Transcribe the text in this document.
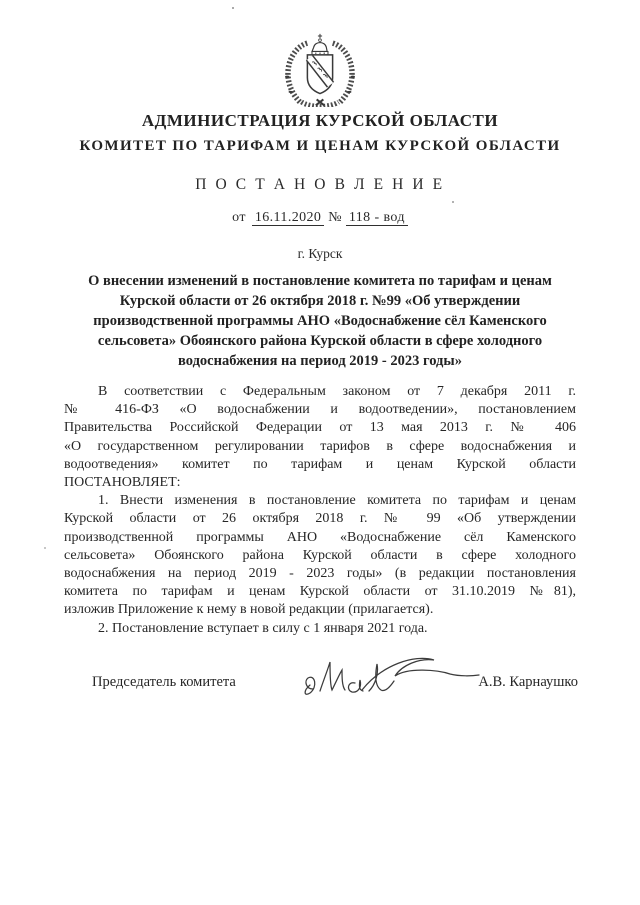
АДМИНИСТРАЦИЯ КУРСКОЙ ОБЛАСТИ
КОМИТЕТ ПО ТАРИФАМ И ЦЕНАМ КУРСКОЙ ОБЛАСТИ
П О С Т А Н О В Л Е Н И Е
от 16.11.2020 № 118 - вод
г. Курск
О внесении изменений в постановление комитета по тарифам и ценам
Курской области от 26 октября 2018 г. №99 «Об утверждении
производственной программы АНО «Водоснабжение сёл Каменского
сельсовета» Обоянского района Курской области в сфере холодного
водоснабжения на период 2019 - 2023 годы»
В соответствии с Федеральным законом от 7 декабря 2011 г.
№ 416-ФЗ «О водоснабжении и водоотведении», постановлением
Правительства Российской Федерации от 13 мая 2013 г. № 406
«О государственном регулировании тарифов в сфере водоснабжения и
водоотведения» комитет по тарифам и ценам Курской области
ПОСТАНОВЛЯЕТ:
1. Внести изменения в постановление комитета по тарифам и ценам
Курской области от 26 октября 2018 г. № 99 «Об утверждении
производственной программы АНО «Водоснабжение сёл Каменского
сельсовета» Обоянского района Курской области в сфере холодного
водоснабжения на период 2019 - 2023 годы» (в редакции постановления
комитета по тарифам и ценам Курской области от 31.10.2019 №81),
изложив Приложение к нему в новой редакции (прилагается).
2. Постановление вступает в силу с 1 января 2021 года.
Председатель комитета	А.В. Карнаушко
